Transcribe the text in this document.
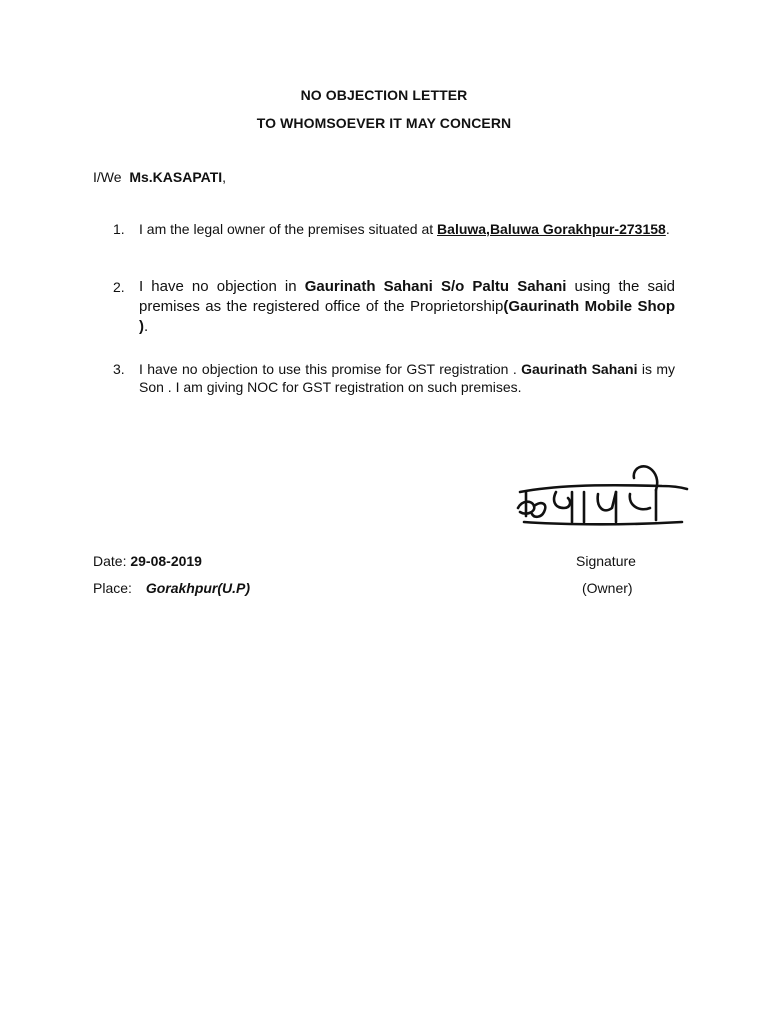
NO OBJECTION LETTER
TO WHOMSOEVER IT MAY CONCERN
I/We Ms.KASAPATI,
1.	I am the legal owner of the premises situated at Baluwa,Baluwa Gorakhpur-273158.
2. I have no objection in Gaurinath Sahani S/o Paltu Sahani using the said premises as the registered office of the Proprietorship(Gaurinath Mobile Shop ).
3.	I have no objection to use this promise for GST registration . Gaurinath Sahani is my Son . I am giving NOC for GST registration on such premises.
Date: 29-08-2019
Place: Gorakhpur(U.P)
Signature
(Owner)
